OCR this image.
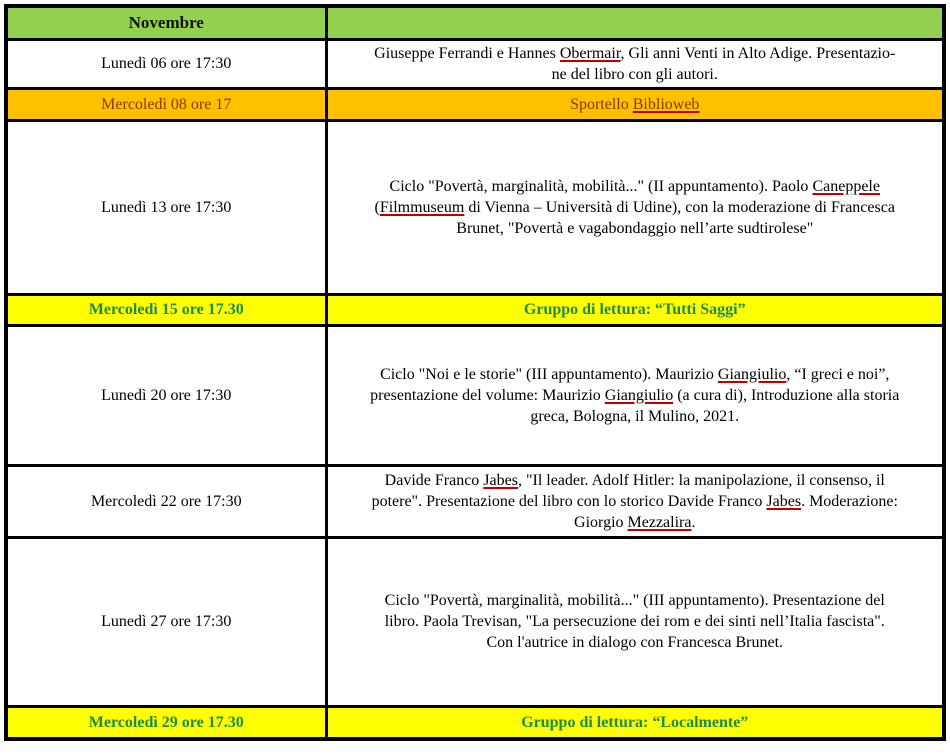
Novembre	
Lunedì 06 ore 17:30	Giuseppe Ferrandi e Hannes Obermair, Gli anni Venti in Alto Adige. Presentazio-
ne del libro con gli autori.
Mercoledì 08 ore 17	Sportello Biblioweb
Lunedì 13 ore 17:30	Ciclo "Povertà, marginalità, mobilità..." (II appuntamento). Paolo Caneppele
(Filmmuseum di Vienna – Università di Udine), con la moderazione di Francesca
Brunet, "Povertà e vagabondaggio nell’arte sudtirolese"
Mercoledì 15 ore 17.30	Gruppo di lettura: “Tutti Saggi”
Lunedì 20 ore 17:30	Ciclo "Noi e le storie" (III appuntamento). Maurizio Giangiulio, “I greci e noi”,
presentazione del volume: Maurizio Giangiulio (a cura di), Introduzione alla storia
greca, Bologna, il Mulino, 2021.
Mercoledì 22 ore 17:30	Davide Franco Jabes, "Il leader. Adolf Hitler: la manipolazione, il consenso, il
potere". Presentazione del libro con lo storico Davide Franco Jabes. Moderazione:
Giorgio Mezzalira.
Lunedì 27 ore 17:30	Ciclo "Povertà, marginalità, mobilità..." (III appuntamento). Presentazione del
libro. Paola Trevisan, "La persecuzione dei rom e dei sinti nell’Italia fascista".
Con l'autrice in dialogo con Francesca Brunet.
Mercoledì 29 ore 17.30	Gruppo di lettura: “Localmente”
